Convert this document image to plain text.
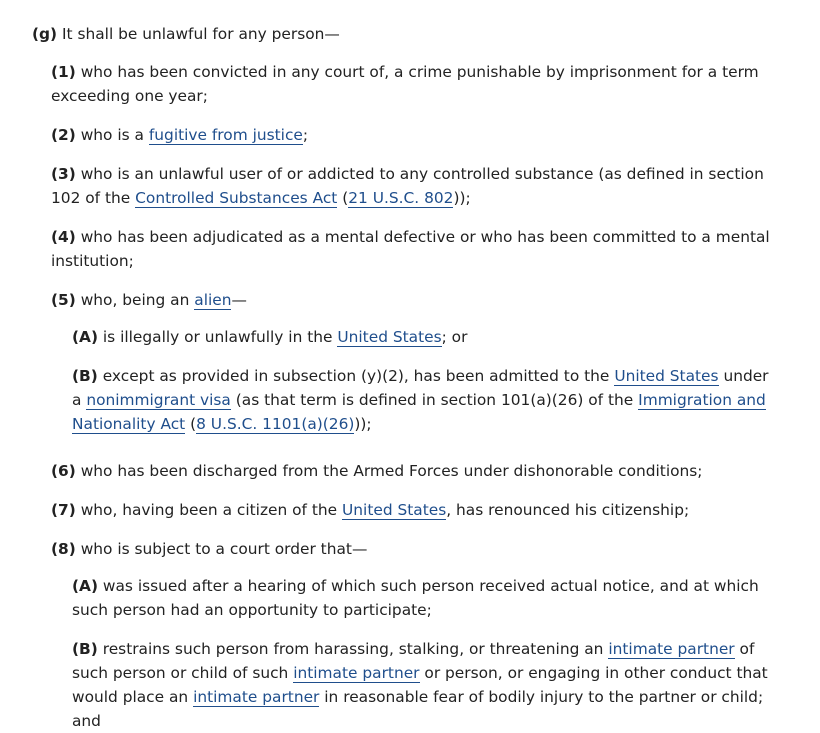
(g) It shall be unlawful for any person—

(1) who has been convicted in any court of, a crime punishable by imprisonment for a term exceeding one year;

(2) who is a fugitive from justice;

(3) who is an unlawful user of or addicted to any controlled substance (as defined in section 102 of the Controlled Substances Act (21 U.S.C. 802));

(4) who has been adjudicated as a mental defective or who has been committed to a mental institution;

(5) who, being an alien—

(A) is illegally or unlawfully in the United States; or

(B) except as provided in subsection (y)(2), has been admitted to the United States under a nonimmigrant visa (as that term is defined in section 101(a)(26) of the Immigration and Nationality Act (8 U.S.C. 1101(a)(26)));

(6) who has been discharged from the Armed Forces under dishonorable conditions;

(7) who, having been a citizen of the United States, has renounced his citizenship;

(8) who is subject to a court order that—

(A) was issued after a hearing of which such person received actual notice, and at which such person had an opportunity to participate;

(B) restrains such person from harassing, stalking, or threatening an intimate partner of such person or child of such intimate partner or person, or engaging in other conduct that would place an intimate partner in reasonable fear of bodily injury to the partner or child; and
